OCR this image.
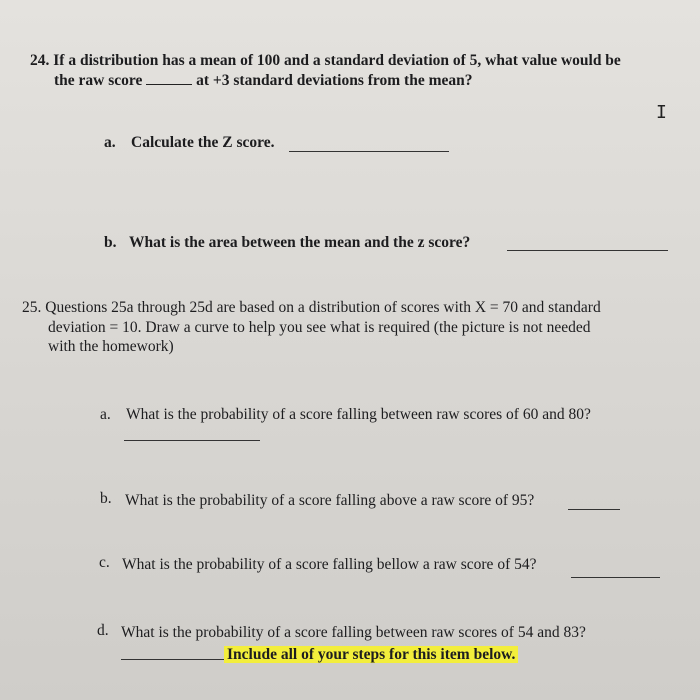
24. If a distribution has a mean of 100 and a standard deviation of 5, what value would be
the raw score	at +3 standard deviations from the mean?
I
a. Calculate the Z score.
b. What is the area between the mean and the z score?
25. Questions 25a through 25d are based on a distribution of scores with X = 70 and standard
deviation = 10. Draw a curve to help you see what is required (the picture is not needed
with the homework)
a. What is the probability of a score falling between raw scores of 60 and 80?
b. What is the probability of a score falling above a raw score of 95?
c. What is the probability of a score falling bellow a raw score of 54?
d. What is the probability of a score falling between raw scores of 54 and 83?
Include all of your steps for this item below.
